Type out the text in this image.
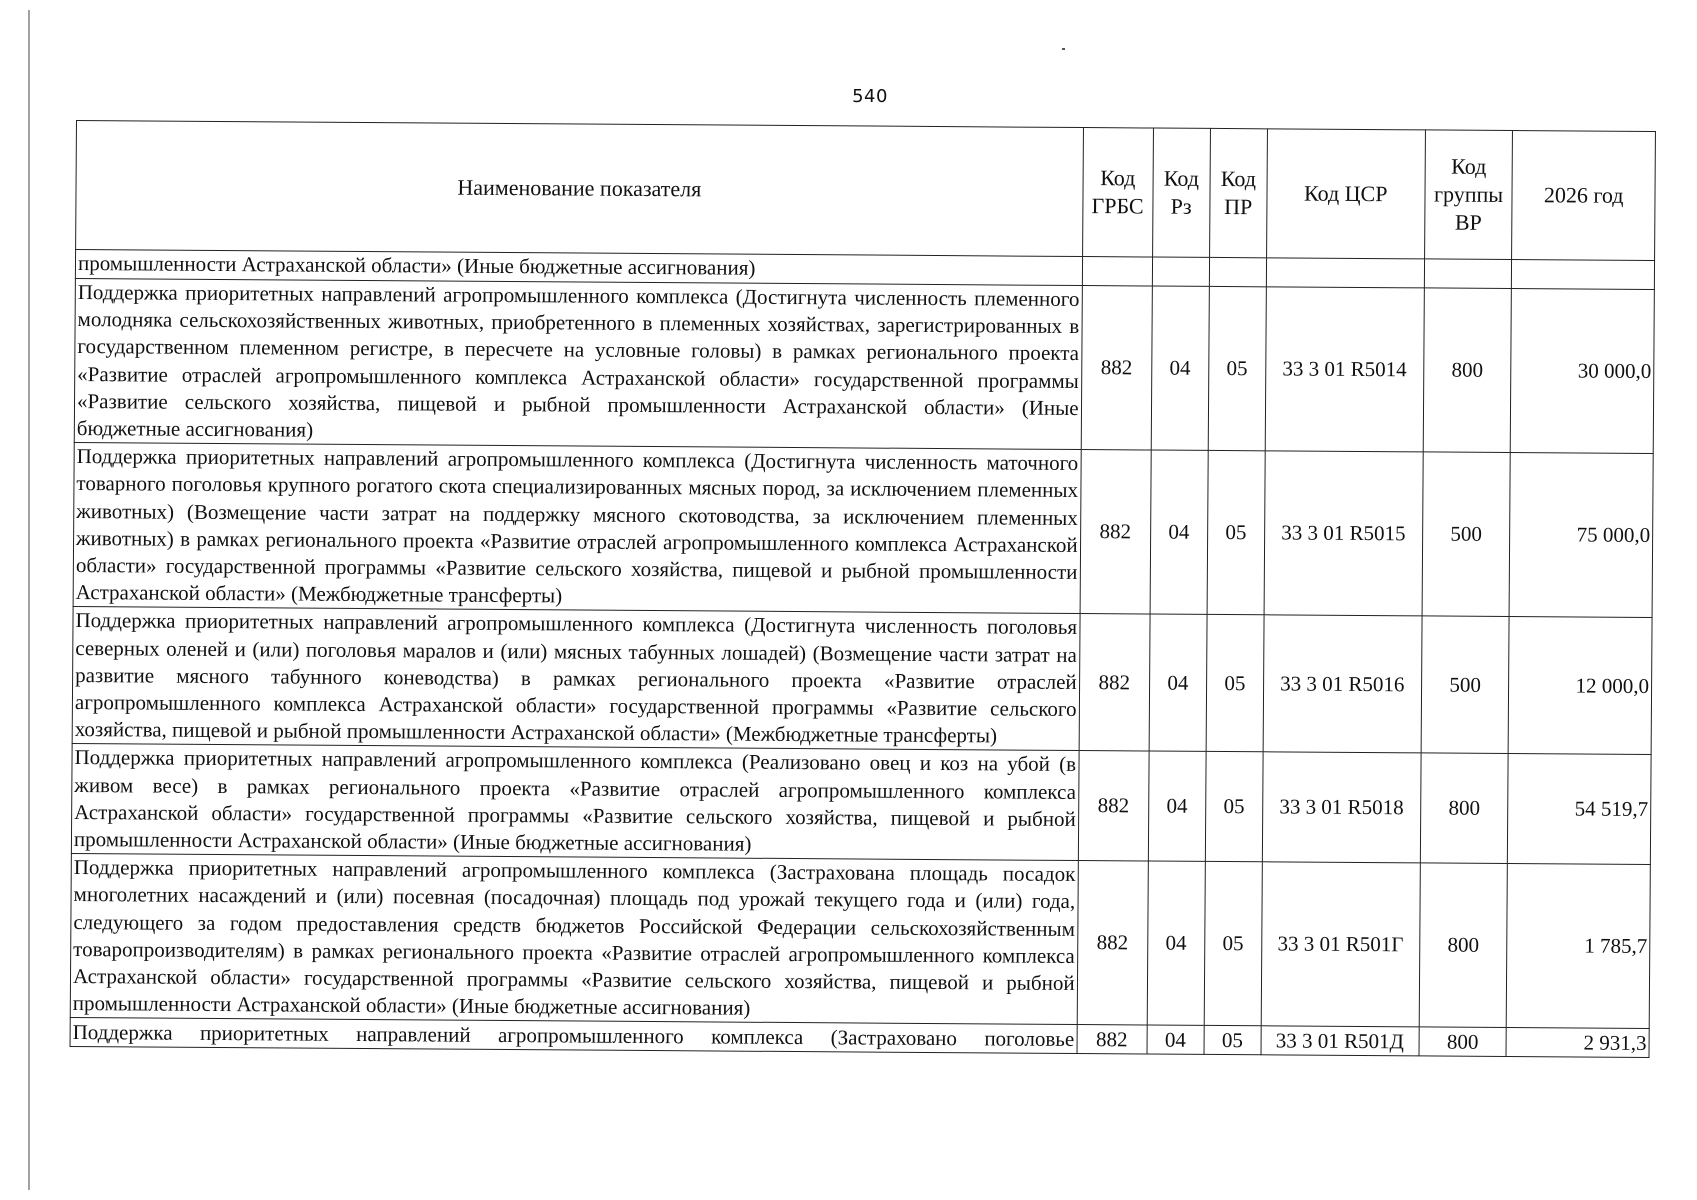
540
Наименование показателя	Код ГРБС	Код Рз	Код ПР	Код ЦСР	Код группы ВР	2026 год
промышленности Астраханской области» (Иные бюджетные ассигнования)						
Поддержка приоритетных направлений агропромышленного комплекса (Достигнута численность племенного молодняка сельскохозяйственных животных, приобретенного в племенных хозяйствах, зарегистрированных в государственном племенном регистре, в пересчете на условные головы) в рамках регионального проекта «Развитие отраслей агропромышленного комплекса Астраханской области» государственной программы «Развитие сельского хозяйства, пищевой и рыбной промышленности Астраханской области» (Иные бюджетные ассигнования)	882	04	05	33 3 01 R5014	800	30 000,0
Поддержка приоритетных направлений агропромышленного комплекса (Достигнута численность маточного товарного поголовья крупного рогатого скота специализированных мясных пород, за исключением племенных животных) (Возмещение части затрат на поддержку мясного скотоводства, за исключением племенных животных) в рамках регионального проекта «Развитие отраслей агропромышленного комплекса Астраханской области» государственной программы «Развитие сельского хозяйства, пищевой и рыбной промышленности Астраханской области» (Межбюджетные трансферты)	882	04	05	33 3 01 R5015	500	75 000,0
Поддержка приоритетных направлений агропромышленного комплекса (Достигнута численность поголовья северных оленей и (или) поголовья маралов и (или) мясных табунных лошадей) (Возмещение части затрат на развитие мясного табунного коневодства) в рамках регионального проекта «Развитие отраслей агропромышленного комплекса Астраханской области» государственной программы «Развитие сельского хозяйства, пищевой и рыбной промышленности Астраханской области» (Межбюджетные трансферты)	882	04	05	33 3 01 R5016	500	12 000,0
Поддержка приоритетных направлений агропромышленного комплекса (Реализовано овец и коз на убой (в живом весе) в рамках регионального проекта «Развитие отраслей агропромышленного комплекса Астраханской области» государственной программы «Развитие сельского хозяйства, пищевой и рыбной промышленности Астраханской области» (Иные бюджетные ассигнования)	882	04	05	33 3 01 R5018	800	54 519,7
Поддержка приоритетных направлений агропромышленного комплекса (Застрахована площадь посадок многолетних насаждений и (или) посевная (посадочная) площадь под урожай текущего года и (или) года, следующего за годом предоставления средств бюджетов Российской Федерации сельскохозяйственным товаропроизводителям) в рамках регионального проекта «Развитие отраслей агропромышленного комплекса Астраханской области» государственной программы «Развитие сельского хозяйства, пищевой и рыбной промышленности Астраханской области» (Иные бюджетные ассигнования)	882	04	05	33 3 01 R501Г	800	1 785,7
Поддержка приоритетных направлений агропромышленного комплекса (Застраховано поголовье	882	04	05	33 3 01 R501Д	800	2 931,3
